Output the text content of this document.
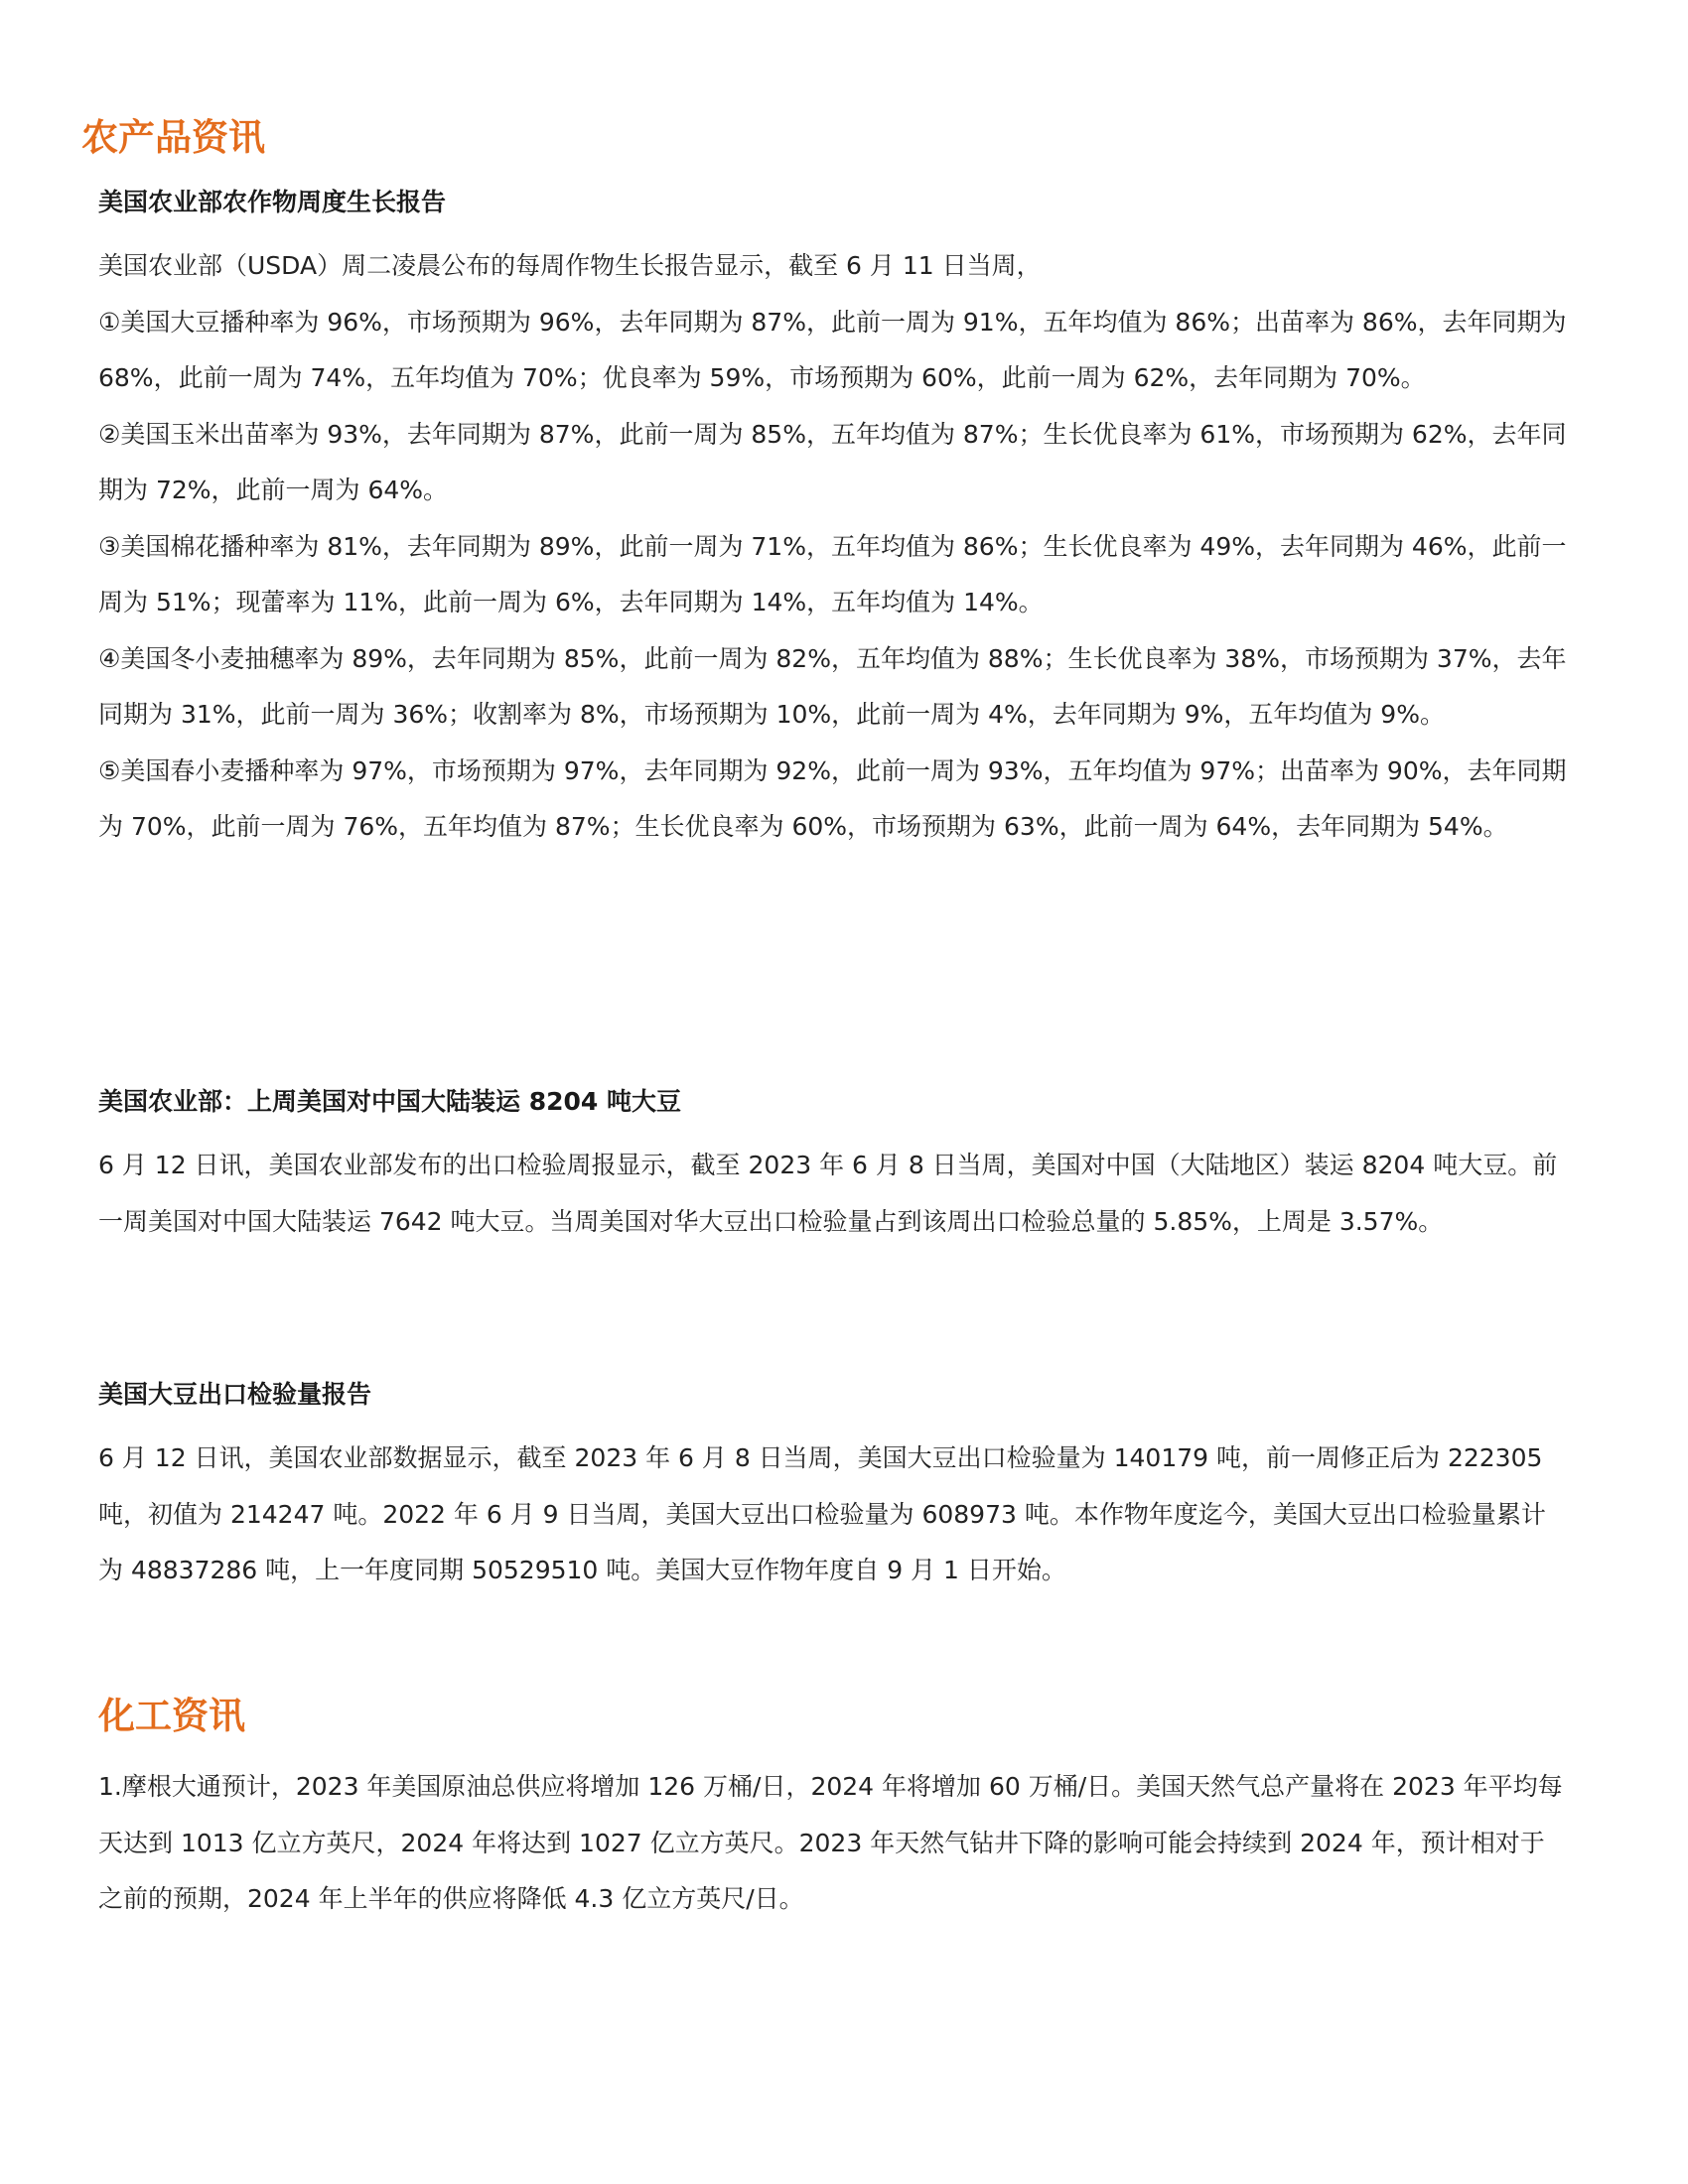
农产品资讯
美国农业部农作物周度生长报告

美国农业部（USDA）周二凌晨公布的每周作物生长报告显示，截至 6 月 11 日当周，

①美国大豆播种率为 96%，市场预期为 96%，去年同期为 87%，此前一周为 91%，五年均值为 86%；出苗率为 86%，去年同期为 68%，此前一周为 74%，五年均值为 70%；优良率为 59%，市场预期为 60%，此前一周为 62%，去年同期为 70%。

②美国玉米出苗率为 93%，去年同期为 87%，此前一周为 85%，五年均值为 87%；生长优良率为 61%，市场预期为 62%，去年同期为 72%，此前一周为 64%。

③美国棉花播种率为 81%，去年同期为 89%，此前一周为 71%，五年均值为 86%；生长优良率为 49%，去年同期为 46%，此前一周为 51%；现蕾率为 11%，此前一周为 6%，去年同期为 14%，五年均值为 14%。

④美国冬小麦抽穗率为 89%，去年同期为 85%，此前一周为 82%，五年均值为 88%；生长优良率为 38%，市场预期为 37%，去年同期为 31%，此前一周为 36%；收割率为 8%，市场预期为 10%，此前一周为 4%，去年同期为 9%，五年均值为 9%。

⑤美国春小麦播种率为 97%，市场预期为 97%，去年同期为 92%，此前一周为 93%，五年均值为 97%；出苗率为 90%，去年同期为 70%，此前一周为 76%，五年均值为 87%；生长优良率为 60%，市场预期为 63%，此前一周为 64%，去年同期为 54%。

美国农业部：上周美国对中国大陆装运 8204 吨大豆

6 月 12 日讯，美国农业部发布的出口检验周报显示，截至 2023 年 6 月 8 日当周，美国对中国（大陆地区）装运 8204 吨大豆。前一周美国对中国大陆装运 7642 吨大豆。当周美国对华大豆出口检验量占到该周出口检验总量的 5.85%，上周是 3.57%。

美国大豆出口检验量报告

6 月 12 日讯，美国农业部数据显示，截至 2023 年 6 月 8 日当周，美国大豆出口检验量为 140179 吨，前一周修正后为 222305 吨，初值为 214247 吨。2022 年 6 月 9 日当周，美国大豆出口检验量为 608973 吨。本作物年度迄今，美国大豆出口检验量累计为 48837286 吨，上一年度同期 50529510 吨。美国大豆作物年度自 9 月 1 日开始。

化工资讯

1.摩根大通预计，2023 年美国原油总供应将增加 126 万桶/日，2024 年将增加 60 万桶/日。美国天然气总产量将在 2023 年平均每天达到 1013 亿立方英尺，2024 年将达到 1027 亿立方英尺。2023 年天然气钻井下降的影响可能会持续到 2024 年，预计相对于之前的预期，2024 年上半年的供应将降低 4.3 亿立方英尺/日。
